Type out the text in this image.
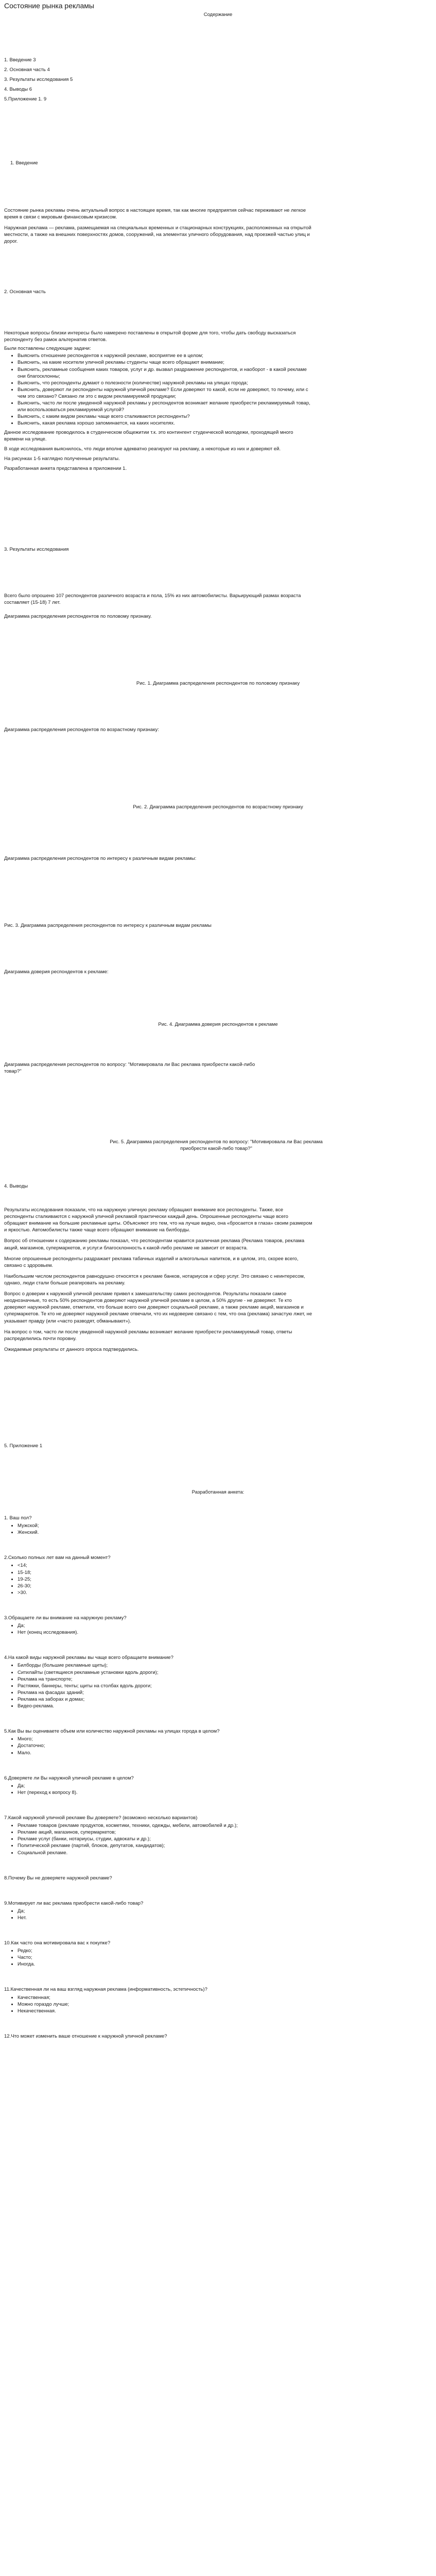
Состояние рынка рекламы
Содержание
1. Введение 3
2. Основная часть 4
3. Результаты исследования 5
4. Выводы 6
5.Приложение 1. 9
1. Введение

Состояние рынка рекламы очень актуальный вопрос в настоящее время, так как многие предприятия сейчас переживают не легкое время в связи с мировым финансовым кризисом.

Наружная реклама — реклама, размещаемая на специальных временных и стационарных конструкциях, расположенных на открытой местности, а также на внешних поверхностях домов, сооружений, на элементах уличного оборудования, над проезжей частью улиц и дорог.

2. Основная часть

Некоторые вопросы близки интересы было намерено поставлены в открытой форме для того, чтобы дать свободу высказаться респонденту без рамок альтернатив ответов.

Были поставлены следующие задачи:

• Выяснить отношение респондентов к наружной рекламе, восприятие ее в целом;
• Выяснить, на какие носители уличной рекламы студенты чаще всего обращают внимание;
• Выяснить, рекламные сообщения каких товаров, услуг и др. вызвал раздражение респондентов, и наоборот - в какой рекламе они благосклонны;
• Выяснить, что респонденты думают о полезности (количестве) наружной рекламы на улицах города;
• Выяснить, доверяют ли респонденты наружной уличной рекламе? Если доверяют то какой, если не доверяют, то почему, или с чем это связано? Связано ли это с видом рекламируемой продукции;
• Выяснить, часто ли после увиденной наружной рекламы у респондентов возникает желание приобрести рекламируемый товар, или воспользоваться рекламируемой услугой?
• Выяснить, с каким видом рекламы чаще всего сталкиваются респонденты?
• Выяснить, какая реклама хорошо запоминается, на каких носителях.

Данное исследование проводилось в студенческом общежитии т.к. это контингент студенческой молодежи, проходящей много времени на улице.

В ходе исследования выяснилось, что люди вполне адекватно реагируют на рекламу, а некоторые из них и доверяют ей.

На рисунках 1-5 наглядно полученные результаты.

Разработанная анкета представлена в приложении 1.

3. Результаты исследования

Всего было опрошено 107 респондентов различного возраста и пола, 15% из них автомобилисты. Варьирующий размах возраста составляет (15-18) 7 лет.

Диаграмма распределения респондентов по половому признаку.

Рис. 1. Диаграмма распределения респондентов по половому признаку
Диаграмма распределения респондентов по возрастному признаку:
Рис. 2. Диаграмма распределения респондентов по возрастному признаку
Диаграмма распределения респондентов по интересу к различным видам рекламы:
Рис. 3. Диаграмма распределения респондентов по интересу к различным видам рекламы
Диаграмма доверия респондентов к рекламе:
Рис. 4. Диаграмма доверия респондентов к рекламе
Диаграмма распределения респондентов по вопросу: "Мотивировала ли Вас реклама приобрести какой-либо товар?"
Рис. 5. Диаграмма распределения респондентов по вопросу: "Мотивировала ли Вас реклама приобрести какой-либо товар?"
4. Выводы

Результаты исследования показали, что на наружную уличную рекламу обращают внимание все респонденты. Также, все респонденты сталкиваются с наружной уличной рекламой практически каждый день. Опрошенные респонденты чаще всего обращают внимание на большие рекламные щиты. Объясняют это тем, что на лучше видно, она «бросается в глаза» своим размером и яркостью. Автомобилисты также чаще всего обращают внимание на билборды.

Вопрос об отношении к содержанию рекламы показал, что респондентам нравится различная реклама (Реклама товаров, реклама акций, магазинов, супермаркетов, и услуг.и благосклонность к какой-либо рекламе не зависит от возраста.

Многие опрошенные респонденты раздражает реклама табачных изделий и алкогольных напитков, и в целом, это, скорее всего, связано с здоровьем.

Наибольшим числом респондентов равнодушно относятся к рекламе банков, нотариусов и сфер услуг. Это связано с неинтересом, однако, люди стали больше реагировать на рекламу.

Вопрос о доверии к наружной уличной рекламе привел к замешательству самих респондентов. Результаты показали самое неоднозначные, то есть 50% респондентов доверяют наружной уличной рекламе в целом, а 50% другие - не доверяют. Те кто доверяют наружной рекламе, отметили, что больше всего они доверяют социальной рекламе, а также рекламе акций, магазинов и супермаркетов. Те кто не доверяют наружной рекламе отвечали, что их недоверие связано с тем, что она (реклама) зачастую лжет, не указывает правду (или «часто разводят, обманывают»).

На вопрос о том, часто ли после увиденной наружной рекламы возникает желание приобрести рекламируемый товар, ответы распределились почти поровну.

Ожидаемые результаты от данного опроса подтвердились.

5. Приложение 1
Разработанная анкета:
1. Ваш пол?
• Мужской;
• Женский.
2.Сколько полных лет вам на данный момент?
• <14;
• 15-18;
• 19-25;
• 26-30;
• >30.
3.Обращаете ли вы внимание на наружную рекламу?
• Да;
• Нет (конец исследования).
4.На какой виды наружной рекламы вы чаще всего обращаете внимание?
• Билборды (большие рекламные щиты);
• Ситилайты (светящиеся рекламные установки вдоль дороги);
• Реклама на транспорте;
• Растяжки, баннеры, тенты; щиты на столбах вдоль дороги;
• Реклама на фасадах зданий;
• Реклама на заборах и домах;
• Видео-реклама.
5.Как Вы вы оцениваете объем или количество наружной рекламы на улицах города в целом?
• Много;
• Достаточно;
• Мало.
6.Доверяете ли Вы наружной уличной рекламе в целом?
• Да;
• Нет (переход к вопросу 8).
7.Какой наружной уличной рекламе Вы доверяете? (возможно несколько вариантов)
• Рекламе товаров (рекламе продуктов, косметики, техники, одежды, мебели, автомобилей и др.);
• Рекламе акций, магазинов, супермаркетов;
• Рекламе услуг (банки, нотариусы, студии, адвокаты и др.);
• Политической рекламе (партий, блоков, депутатов, кандидатов);
• Социальной рекламе.
8.Почему Вы не доверяете наружной рекламе?
9.Мотивирует ли вас реклама приобрести какой-либо товар?
• Да;
• Нет.
10.Как часто она мотивировала вас к покупке?
• Редко;
• Часто;
• Иногда.
11.Качественная ли на ваш взгляд наружная реклама (информативность, эстетичность)?
• Качественная;
• Можно гораздо лучше;
• Некачественная.
12.Что может изменить ваше отношение к наружной уличной рекламе?
